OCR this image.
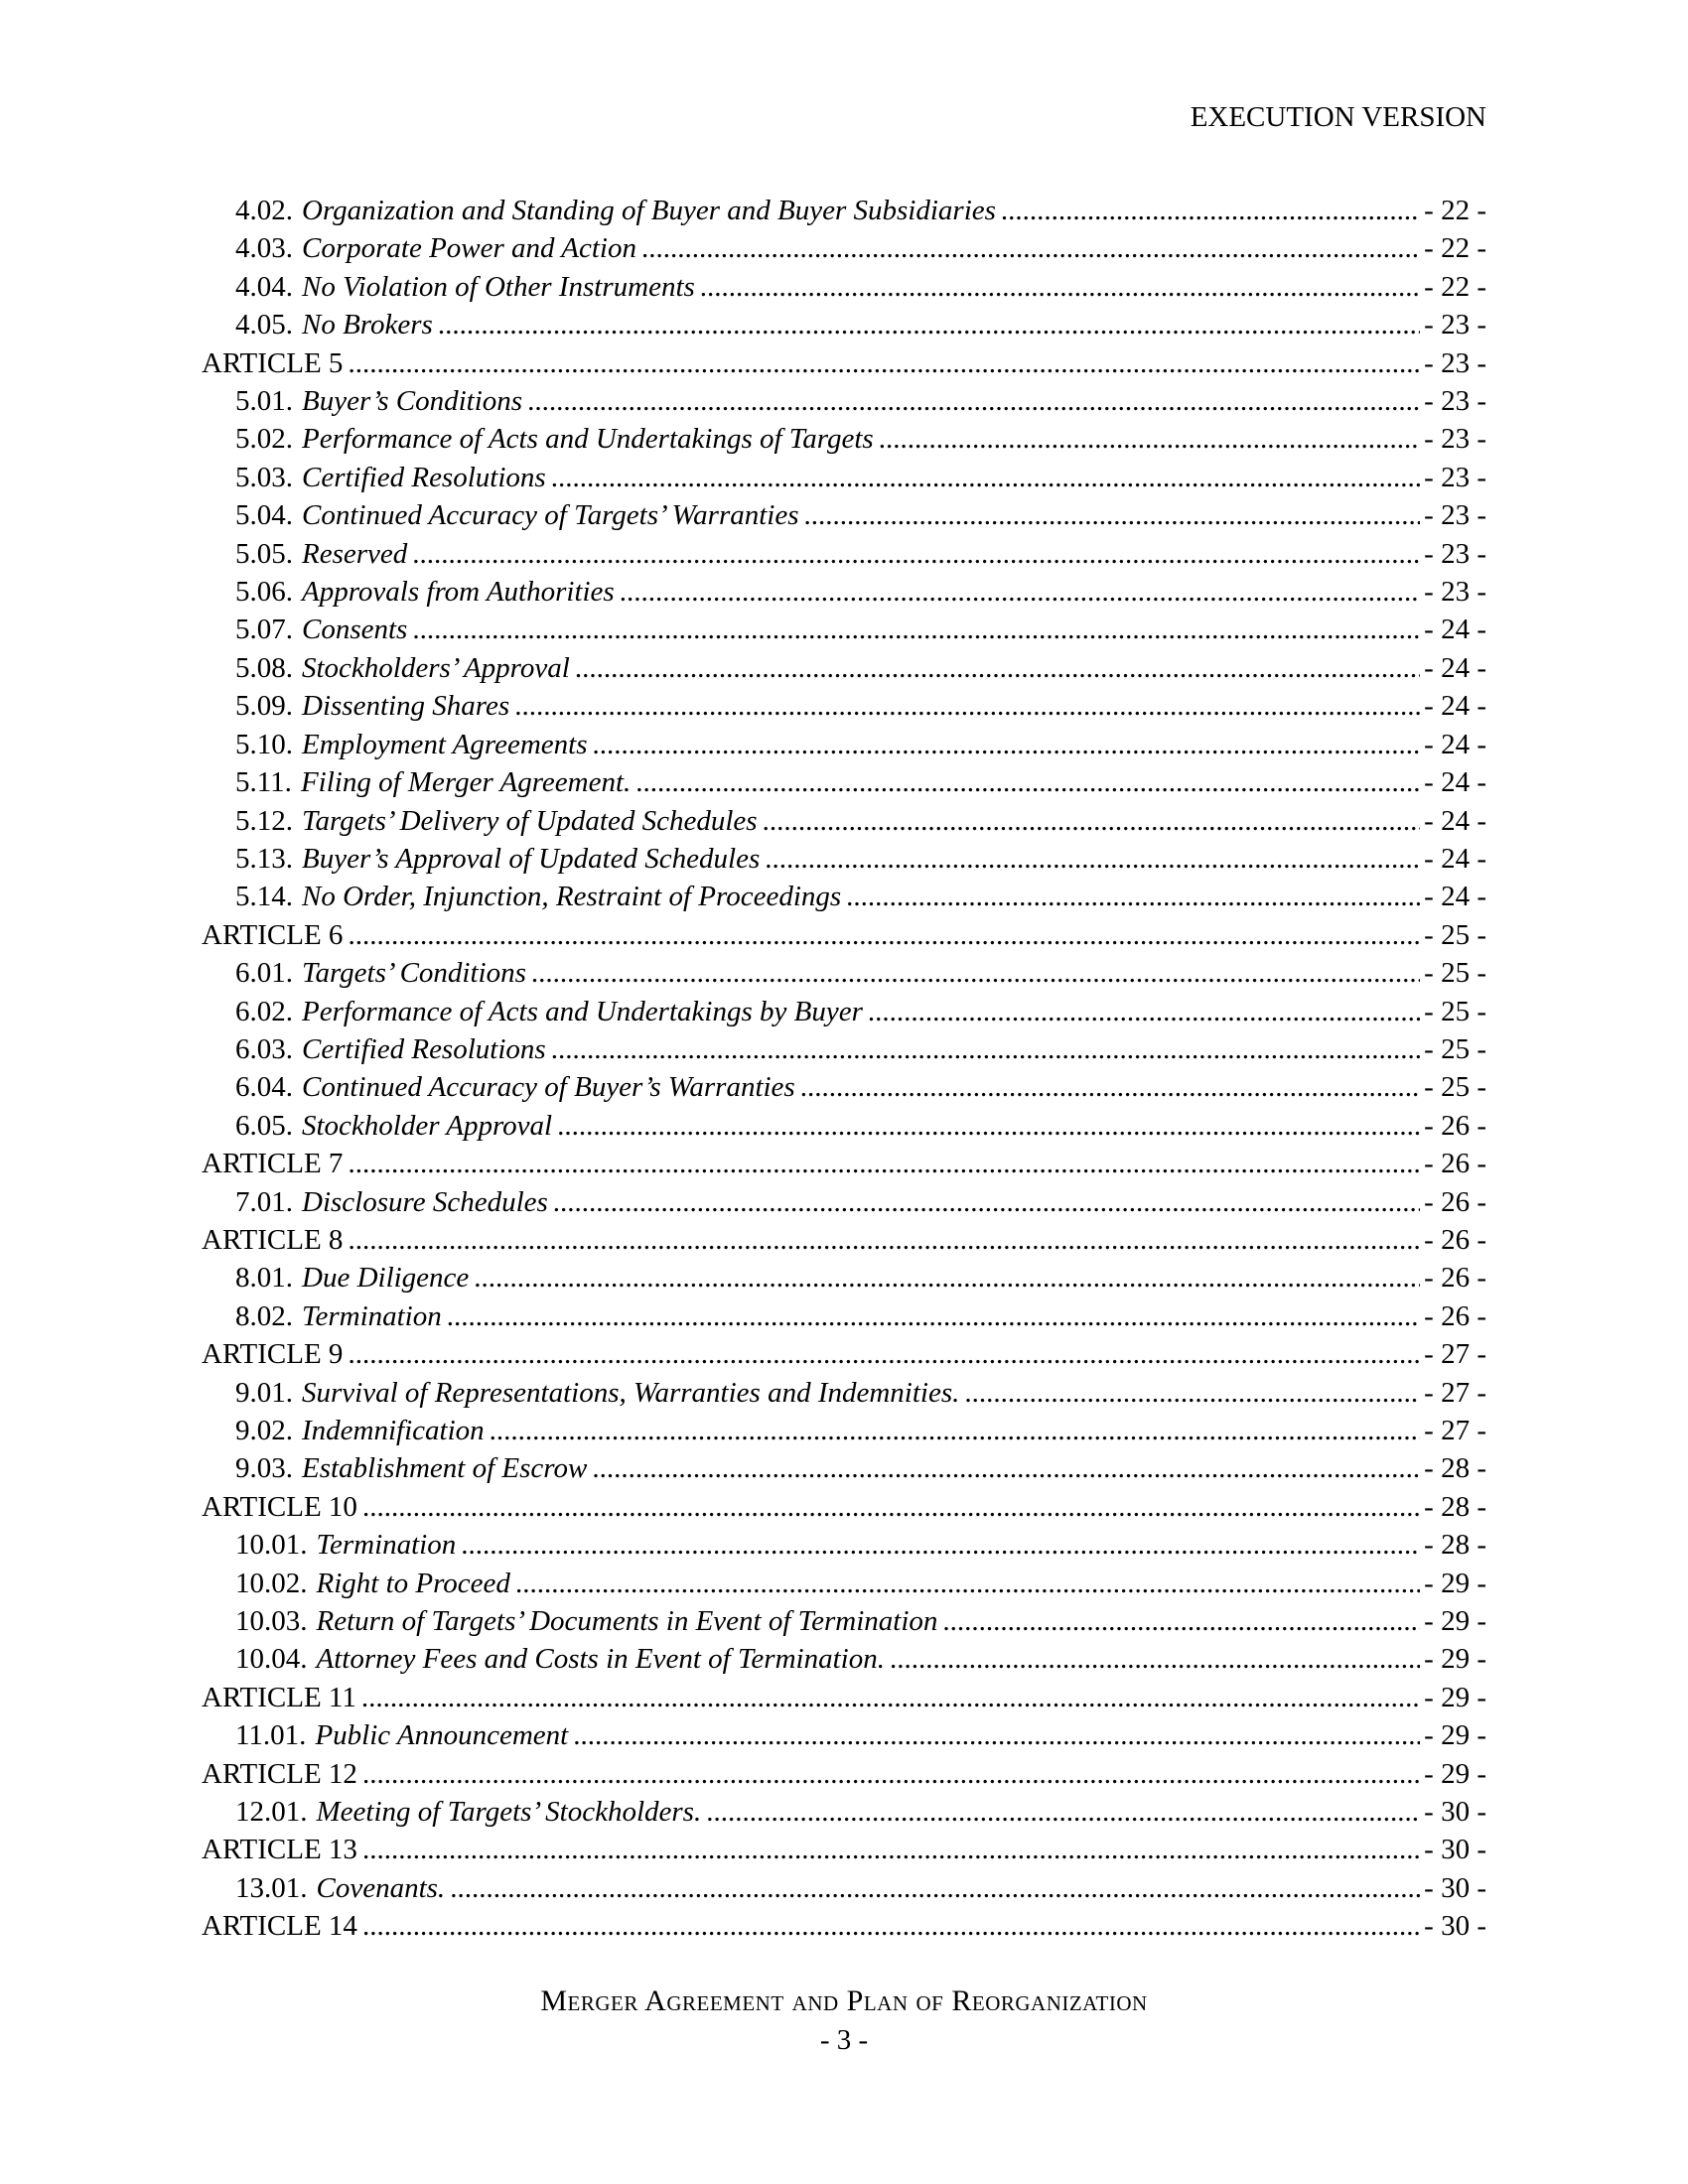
EXECUTION VERSION
4.02. Organization and Standing of Buyer and Buyer Subsidiaries .....	- 22 -
4.03. Corporate Power and Action .....	- 22 -
4.04. No Violation of Other Instruments .....	- 22 -
4.05. No Brokers .....	- 23 -
ARTICLE 5 .....	- 23 -
5.01. Buyer’s Conditions .....	- 23 -
5.02. Performance of Acts and Undertakings of Targets .....	- 23 -
5.03. Certified Resolutions .....	- 23 -
5.04. Continued Accuracy of Targets’ Warranties .....	- 23 -
5.05. Reserved .....	- 23 -
5.06. Approvals from Authorities .....	- 23 -
5.07. Consents .....	- 24 -
5.08. Stockholders’ Approval .....	- 24 -
5.09. Dissenting Shares .....	- 24 -
5.10. Employment Agreements .....	- 24 -
5.11. Filing of Merger Agreement. .....	- 24 -
5.12. Targets’ Delivery of Updated Schedules .....	- 24 -
5.13. Buyer’s Approval of Updated Schedules .....	- 24 -
5.14. No Order, Injunction, Restraint of Proceedings .....	- 24 -
ARTICLE 6 .....	- 25 -
6.01. Targets’ Conditions .....	- 25 -
6.02. Performance of Acts and Undertakings by Buyer .....	- 25 -
6.03. Certified Resolutions .....	- 25 -
6.04. Continued Accuracy of Buyer’s Warranties .....	- 25 -
6.05. Stockholder Approval .....	- 26 -
ARTICLE 7 .....	- 26 -
7.01. Disclosure Schedules .....	- 26 -
ARTICLE 8 .....	- 26 -
8.01. Due Diligence .....	- 26 -
8.02. Termination .....	- 26 -
ARTICLE 9 .....	- 27 -
9.01. Survival of Representations, Warranties and Indemnities. .....	- 27 -
9.02. Indemnification .....	- 27 -
9.03. Establishment of Escrow .....	- 28 -
ARTICLE 10 .....	- 28 -
10.01. Termination .....	- 28 -
10.02. Right to Proceed .....	- 29 -
10.03. Return of Targets’ Documents in Event of Termination .....	- 29 -
10.04. Attorney Fees and Costs in Event of Termination. .....	- 29 -
ARTICLE 11 .....	- 29 -
11.01. Public Announcement .....	- 29 -
ARTICLE 12 .....	- 29 -
12.01. Meeting of Targets’ Stockholders. .....	- 30 -
ARTICLE 13 .....	- 30 -
13.01. Covenants. .....	- 30 -
ARTICLE 14 .....	- 30 -
Merger Agreement and Plan of Reorganization
- 3 -
